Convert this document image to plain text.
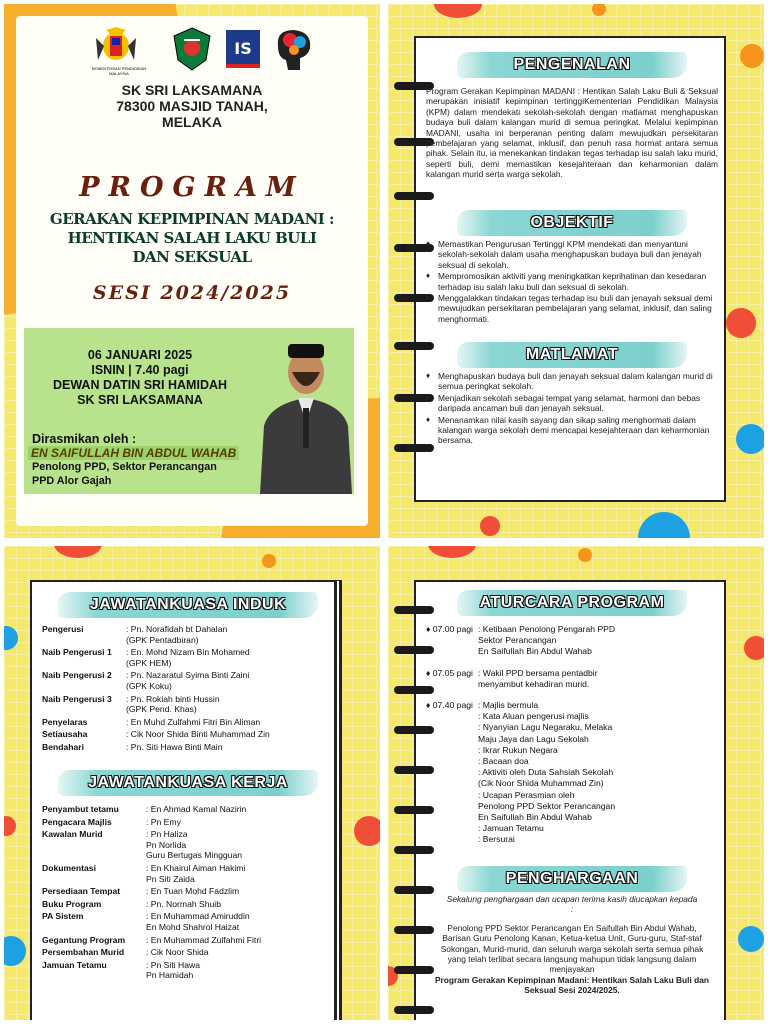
KEMENTERIAN PENDIDIKAN MALAYSIA
IS
SK SRI LAKSAMANA
78300 MASJID TANAH,
MELAKA
PROGRAM
GERAKAN KEPIMPINAN MADANI :
HENTIKAN SALAH LAKU BULI
DAN SEKSUAL
SESI 2024/2025
06 JANUARI 2025
ISNIN | 7.40 pagi
DEWAN DATIN SRI HAMIDAH
SK SRI LAKSAMANA
Dirasmikan oleh :
EN SAIFULLAH BIN ABDUL WAHAB
Penolong PPD, Sektor Perancangan
PPD Alor Gajah
PENGENALAN

Program Gerakan Kepimpinan MADANI : Hentikan Salah Laku Buli & Seksual merupakan inisiatif kepimpinan tertinggiKementerian Pendidikan Malaysia (KPM) dalam mendekati sekolah-sekolah dengan matlamat menghapuskan budaya buli dalam kalangan murid di semua peringkat. Melalui kepimpinan MADANI, usaha ini berperanan penting dalam mewujudkan persekitaran pembelajaran yang selamat, inklusif, dan penuh rasa hormat antara semua pihak. Selain itu, ia menekankan tindakan tegas terhadap isu salah laku murid, seperti buli, demi memastikan kesejahteraan dan keharmonian dalam kalangan murid serta warga sekolah.

OBJEKTIF
♦ Memastikan Pengurusan Tertinggi KPM mendekati dan menyantuni sekolah-sekolah dalam usaha menghapuskan budaya buli dan jenayah seksual di sekolah.
♦ Mempromosikan aktiviti yang meningkatkan keprihatinan dan kesedaran terhadap isu salah laku buli dan seksual di sekolah.
♦ Menggalakkan tindakan tegas terhadap isu buli dan jenayah seksual demi mewujudkan persekitaran pembelajaran yang selamat, inklusif, dan saling menghormati.
MATLAMAT
♦ Menghapuskan budaya buli dan jenayah seksual dalam kalangan murid di semua peringkat sekolah.
♦ Menjadikan sekolah sebagai tempat yang selamat, harmoni dan bebas daripada ancaman buli dan jenayah seksual.
♦ Menanamkan nilai kasih sayang dan sikap saling menghormati dalam kalangan warga sekolah demi mencapai kesejahteraan dan keharmonian bersama.
JAWATANKUASA INDUK
Pengerusi	: Pn. Norafidah bt Dahalan
(GPK Pentadbiran)
Naib Pengerusi 1	: En. Mohd Nizam Bin Mohamed
(GPK HEM)
Naib Pengerusi 2	: Pn. Nazaratul Syima Binti Zaini
(GPK Koku)
Naib Pengerusi 3	: Pn. Rokiah binti Hussin
(GPK Pend. Khas)
Penyelaras	: En Muhd Zulfahmi Fitri Bin Aliman
Setiausaha	: Cik Noor Shida Binti Muhammad Zin
Bendahari	: Pn. Siti Hawa Binti Main
JAWATANKUASA KERJA
Penyambut tetamu	: En Ahmad Kamal Nazirin
Pengacara Majlis	: Pn Emy
Kawalan Murid	: Pn Haliza
Pn Norlida
Guru Bertugas Mingguan
Dokumentasi	: En Khairul Aiman Hakimi
Pn Siti Zaida
Persediaan Tempat	: En Tuan Mohd Fadzlim
Buku Program	: Pn. Normah Shuib
PA Sistem	: En Muhammad Amiruddin
En Mohd Shahrol Haizat
Gegantung Program	: En Muhammad Zulfahmi Fitri
Persembahan Murid	: Cik Noor Shida
Jamuan Tetamu	: Pn Siti Hawa
Pn Hamidah
ATURCARA PROGRAM
♦ 07.00 pagi : Ketibaan Penolong Pengarah PPD
Sektor Perancangan
En Saifullah Bin Abdul Wahab
♦ 07.05 pagi : Wakil PPD bersama pentadbir
menyambut kehadiran murid.
♦ 07.40 pagi : Majlis bermula
: Kata Aluan pengerusi majlis
: Nyanyian Lagu Negaraku, Melaka
Maju Jaya dan Lagu Sekolah
: Ikrar Rukun Negara
: Bacaan doa
: Aktiviti oleh Duta Sahsiah Sekolah
(Cik Noor Shida Muhammad Zin)
: Ucapan Perasmian oleh
Penolong PPD Sektor Perancangan
En Saifullah Bin Abdul Wahab
: Jamuan Tetamu
: Bersurai
PENGHARGAAN

Sekalung penghargaan dan ucapan terima kasih diucapkan kepada :

Penolong PPD Sektor Perancangan En Saifullah Bin Abdul Wahab, Barisan Guru Penolong Kanan, Ketua-ketua Unit, Guru-guru, Staf-staf Sokongan, Murid-murid, dan seluruh warga sekolah serta semua pihak yang telah terlibat secara langsung mahupun tidak langsung dalam menjayakan

Program Gerakan Kepimpinan Madani: Hentikan Salah Laku Buli dan Seksual Sesi 2024/2025.
